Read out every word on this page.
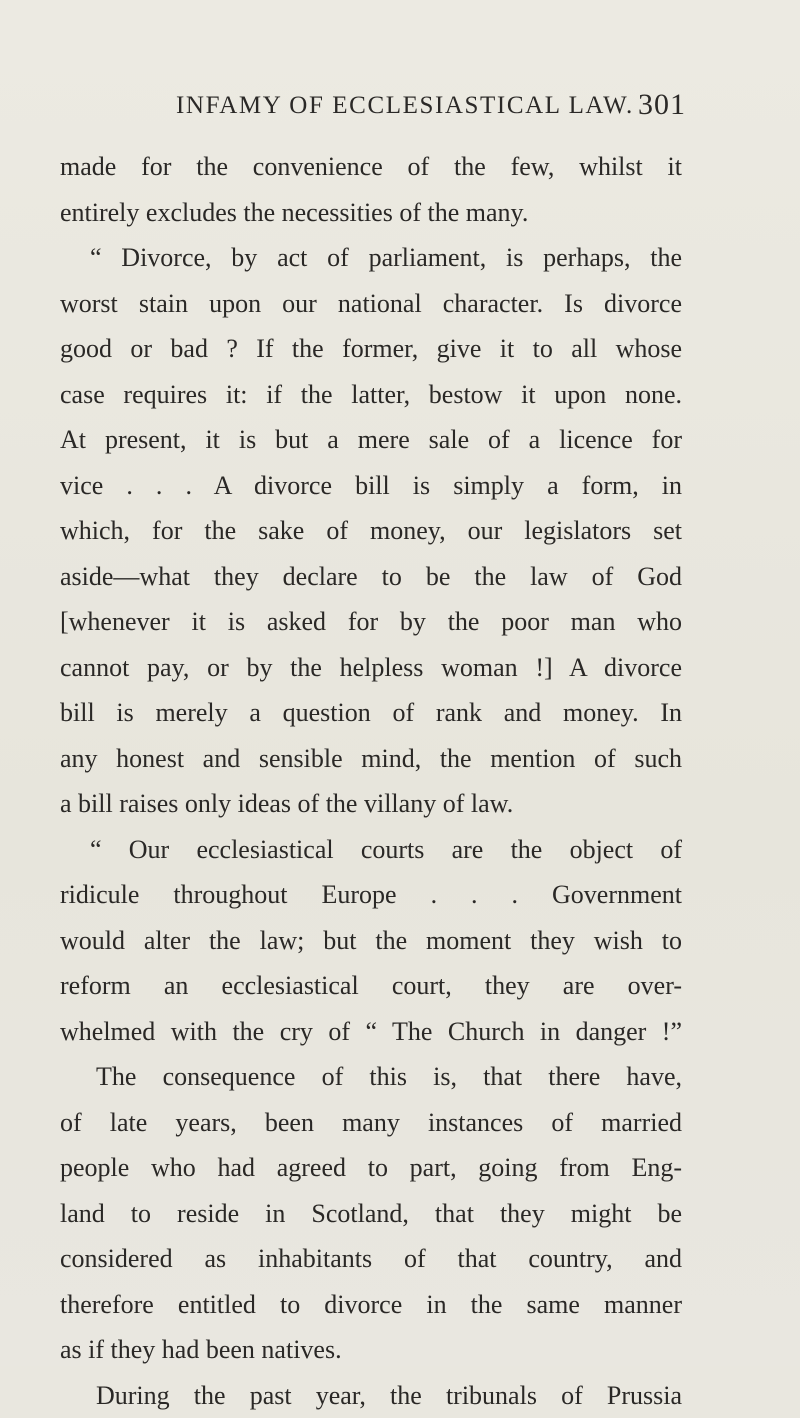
INFAMY OF ECCLESIASTICAL LAW. 301
made for the convenience of the few, whilst it
entirely excludes the necessities of the many.
“ Divorce, by act of parliament, is perhaps, the
worst stain upon our national character. Is divorce
good or bad ? If the former, give it to all whose
case requires it: if the latter, bestow it upon none.
At present, it is but a mere sale of a licence for
vice . . . A divorce bill is simply a form, in
which, for the sake of money, our legislators set
aside—what they declare to be the law of God
[whenever it is asked for by the poor man who
cannot pay, or by the helpless woman !] A divorce
bill is merely a question of rank and money. In
any honest and sensible mind, the mention of such
a bill raises only ideas of the villany of law.
“ Our ecclesiastical courts are the object of
ridicule throughout Europe . . . Government
would alter the law; but the moment they wish to
reform an ecclesiastical court, they are over-
whelmed with the cry of “ The Church in danger !”
The consequence of this is, that there have,
of late years, been many instances of married
people who had agreed to part, going from Eng-
land to reside in Scotland, that they might be
considered as inhabitants of that country, and
therefore entitled to divorce in the same manner
as if they had been natives.
During the past year, the tribunals of Prussia
